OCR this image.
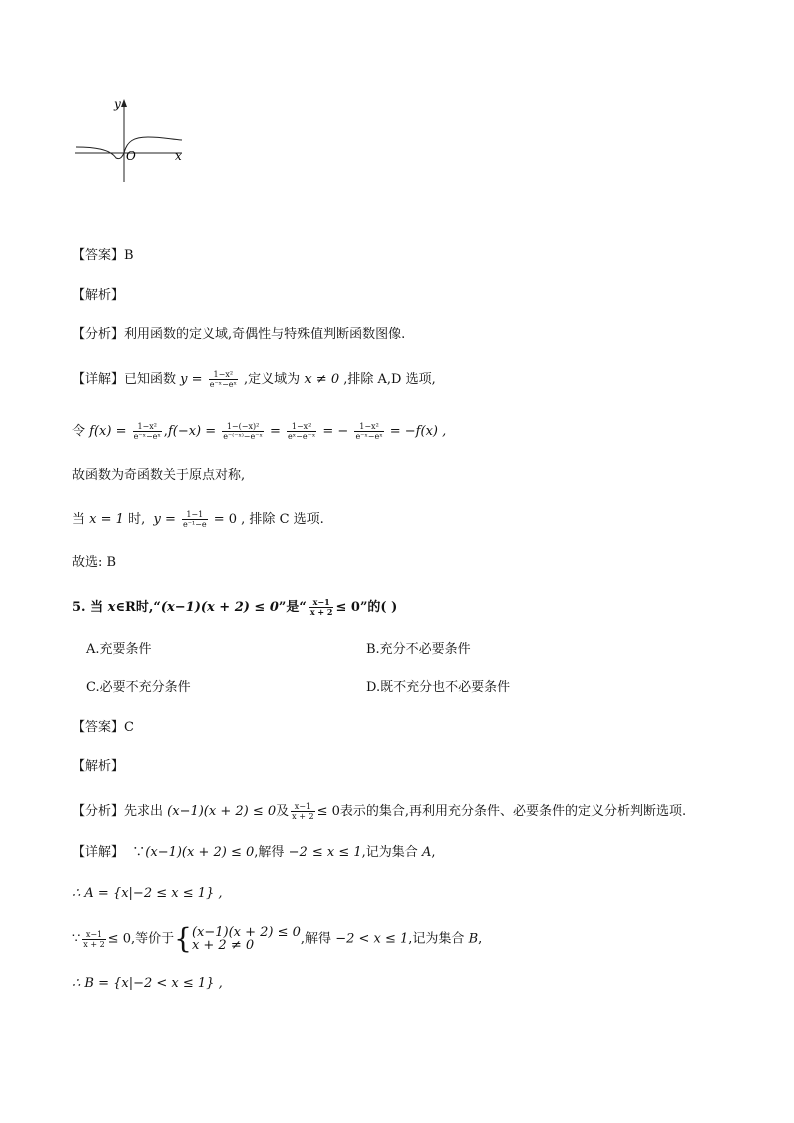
y
O	x
【答案】B
【解析】
【分析】利用函数的定义域,奇偶性与特殊值判断函数图像.
【详解】已知函数 $y = \frac{\text{1−x²}}{\text{e⁻ˣ−eˣ}}$ ,定义域为 x ≠ 0 ,排除 A,D 选项,
令 $f(x) = \frac{\text{1−x²}}{\text{e⁻ˣ−eˣ}} ,f(-x) = \frac{\text{1−(−x)²}}{\text{e⁻⁽⁻ˣ⁾−e⁻ˣ}} = \frac{\text{1−x²}}{\text{eˣ−e⁻ˣ}}$ = − $\frac{\text{1−x²}}{\text{e⁻ˣ−eˣ}} = -f(x)$ ,
故函数为奇函数关于原点对称,
当 x = 1 时, $y = \frac{1-1}{\text{e⁻¹−e}} = 0$ , 排除 C 选项.
故选: B
5. 当 x∈R时,“(x−1)(x + 2) ≤ 0”是“ $\frac{x-1}{x + 2} \le 0$”的( )
A.充要条件	B.充分不必要条件
C.必要不充分条件	D.既不充分也不必要条件
【答案】C
【解析】
【分析】先求出 (x−1)(x + 2) ≤ 0及 $\frac{x-1}{x + 2} \le 0$表示的集合,再利用充分条件、必要条件的定义分析判断选项.
【详解】 ∵(x−1)(x + 2) ≤ 0,解得 −2 ≤ x ≤ 1,记为集合 A,
∴ A = {x|−2 ≤ x ≤ 1} ,
∵ $\frac{x-1}{x + 2} \le 0$,等价于{ (x−1)(x + 2) ≤ 0
x + 2 ≠ 0	,解得 −2 < x ≤ 1,记为集合 B,
∴ B = {x|−2 < x ≤ 1} ,
